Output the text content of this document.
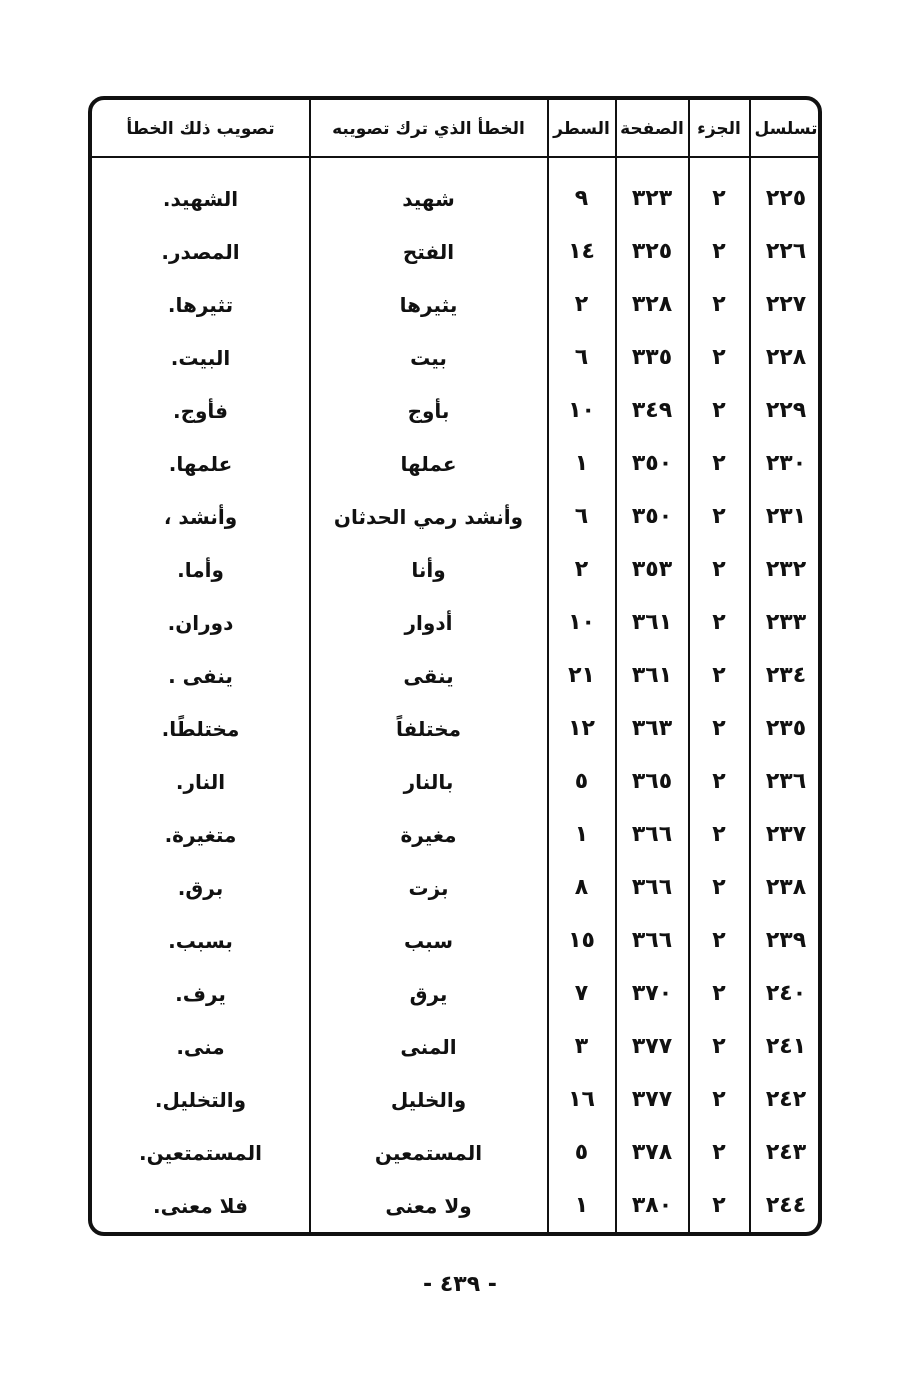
تسلسل
الجزء
الصفحة
السطر
الخطأ الذي ترك تصويبه
تصويب ذلك الخطأ
٢٢٥
٢
٣٢٣
٩
شهيد
الشهيد.
٢٢٦
٢
٣٢٥
١٤
الفتح
المصدر.
٢٢٧
٢
٣٢٨
٢
يثيرها
تثيرها.
٢٢٨
٢
٣٣٥
٦
بيت
البيت.
٢٢٩
٢
٣٤٩
١٠
بأوج
فأوج.
٢٣٠
٢
٣٥٠
١
عملها
علمها.
٢٣١
٢
٣٥٠
٦
وأنشد رمي الحدثان
وأنشد ،
٢٣٢
٢
٣٥٣
٢
وأنا
وأما.
٢٣٣
٢
٣٦١
١٠
أدوار
دوران.
٢٣٤
٢
٣٦١
٢١
ينقى
ينفى .
٢٣٥
٢
٣٦٣
١٢
مختلفاً
مختلطًا.
٢٣٦
٢
٣٦٥
٥
بالنار
النار.
٢٣٧
٢
٣٦٦
١
مغيرة
متغيرة.
٢٣٨
٢
٣٦٦
٨
بزت
برق.
٢٣٩
٢
٣٦٦
١٥
سبب
بسبب.
٢٤٠
٢
٣٧٠
٧
يرق
يرف.
٢٤١
٢
٣٧٧
٣
المنى
منى.
٢٤٢
٢
٣٧٧
١٦
والخليل
والتخليل.
٢٤٣
٢
٣٧٨
٥
المستمعين
المستمتعين.
٢٤٤
٢
٣٨٠
١
ولا معنى
فلا معنى.
- ٤٣٩ -
